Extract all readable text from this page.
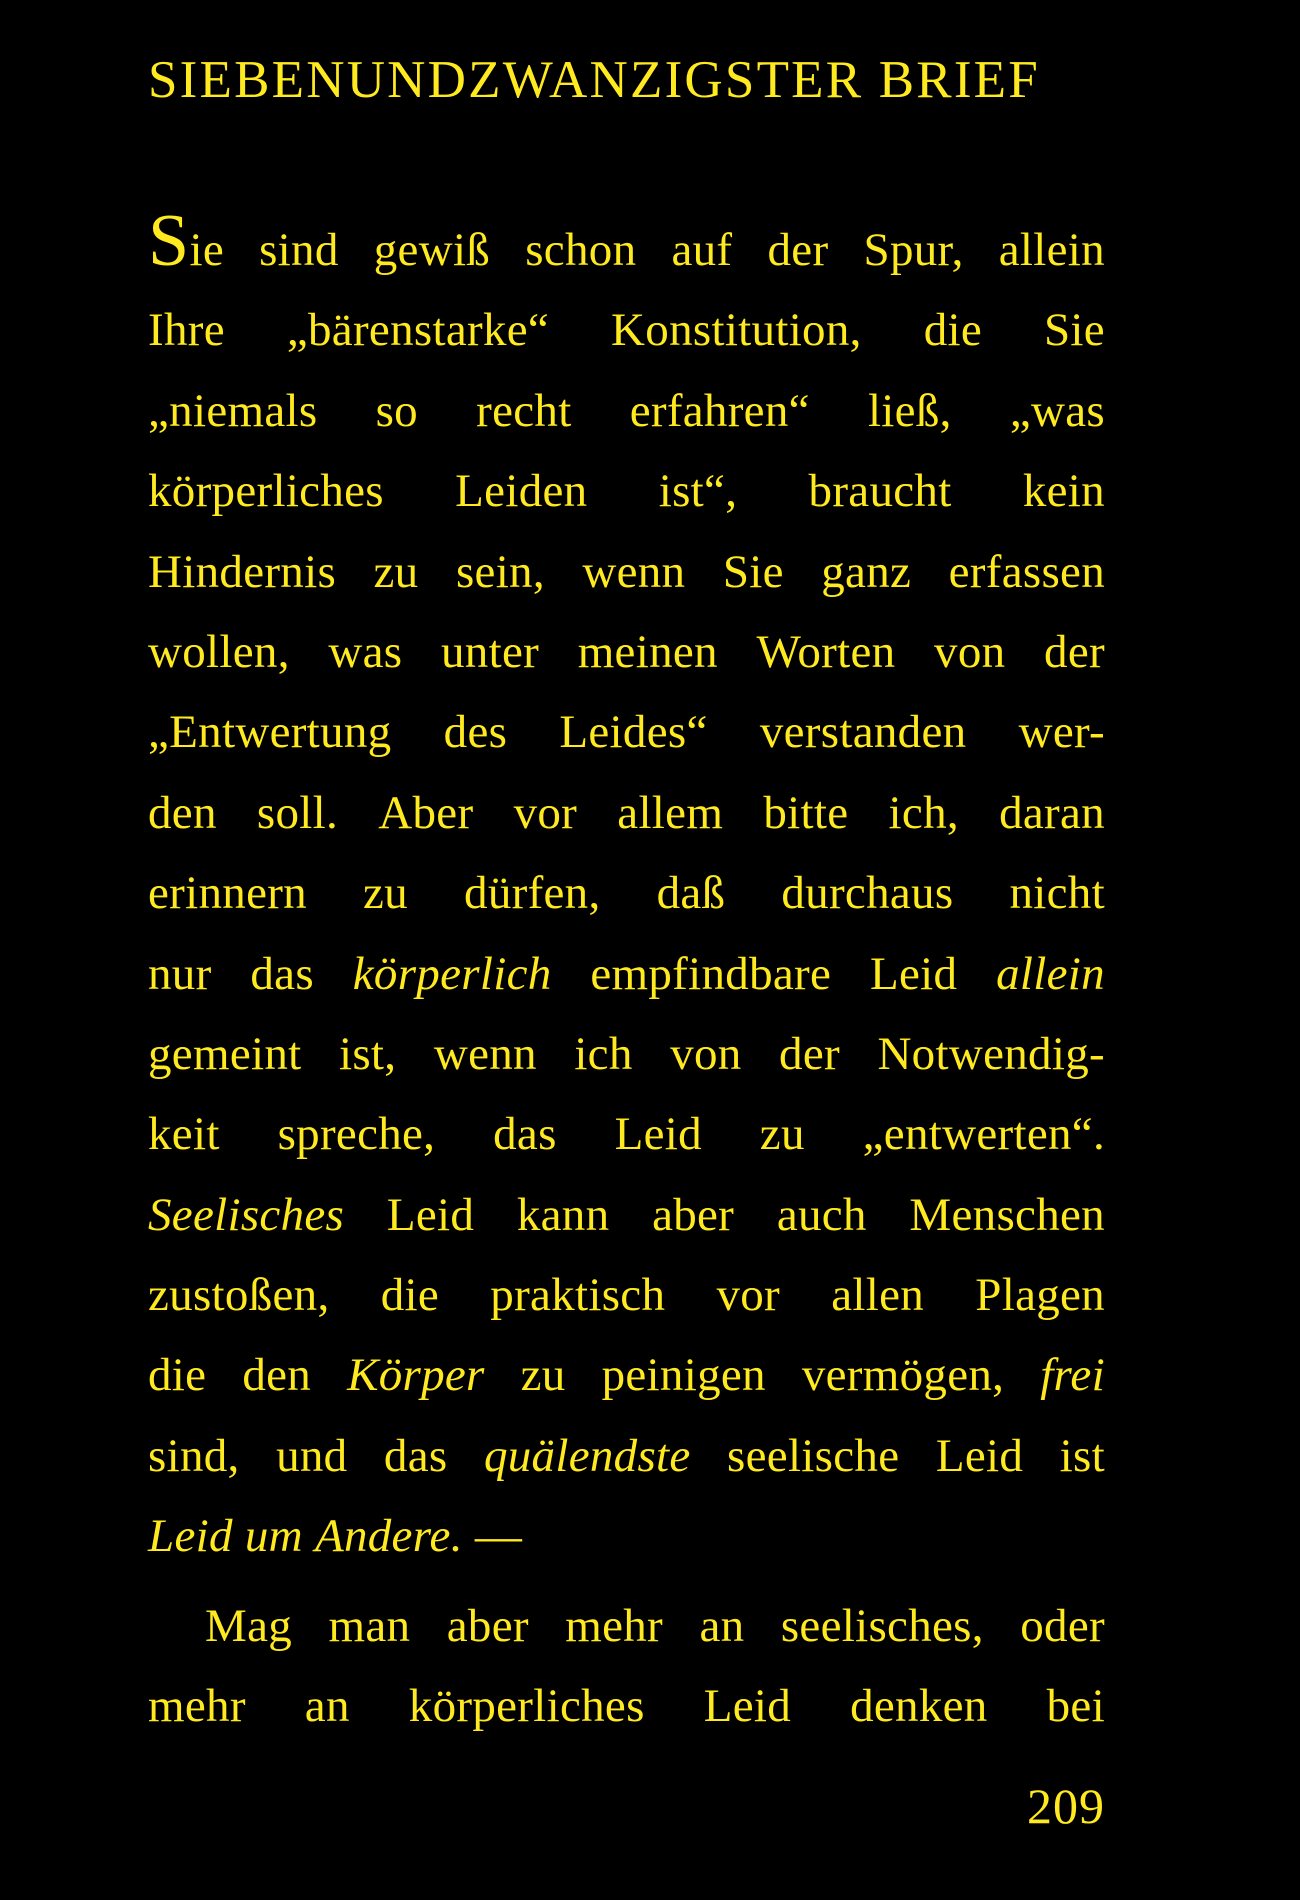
SIEBENUNDZWANZIGSTER BRIEF
Sie sind gewiß schon auf der Spur, allein
Ihre „bärenstarke“ Konstitution, die Sie
„niemals so recht erfahren“ ließ, „was
körperliches Leiden ist“, braucht kein
Hindernis zu sein, wenn Sie ganz erfassen
wollen, was unter meinen Worten von der
„Entwertung des Leides“ verstanden wer-
den soll. Aber vor allem bitte ich, daran
erinnern zu dürfen, daß durchaus nicht
nur das körperlich empfindbare Leid allein
gemeint ist, wenn ich von der Notwendig-
keit spreche, das Leid zu „entwerten“.
Seelisches Leid kann aber auch Menschen
zustoßen, die praktisch vor allen Plagen
die den Körper zu peinigen vermögen, frei
sind, und das quälendste seelische Leid ist
Leid
um
Andere.
—
Mag man aber mehr an seelisches, oder
mehr an körperliches Leid denken bei
209
